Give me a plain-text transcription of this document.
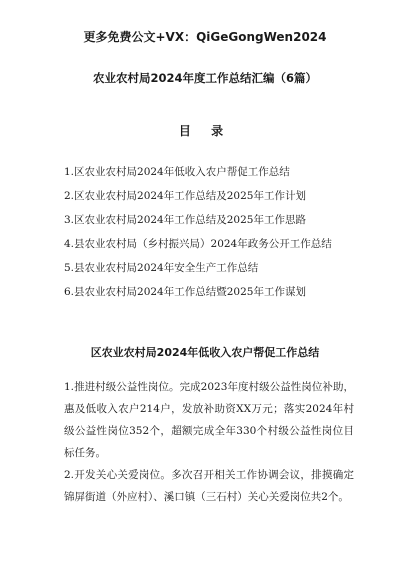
更多免费公文+VX：QiGeGongWen2024
农业农村局2024年度工作总结汇编（6篇）
目 录
1.区农业农村局2024年低收入农户帮促工作总结
2.区农业农村局2024年工作总结及2025年工作计划
3.区农业农村局2024年工作总结及2025年工作思路
4.县农业农村局（乡村振兴局）2024年政务公开工作总结
5.县农业农村局2024年安全生产工作总结
6.县农业农村局2024年工作总结暨2025年工作谋划
区农业农村局2024年低收入农户帮促工作总结
1.推进村级公益性岗位。完成2023年度村级公益性岗位补助，惠及低收入农户214户，发放补助资XX万元；落实2024年村级公益性岗位352个，超额完成全年330个村级公益性岗位目标任务。
2.开发关心关爱岗位。多次召开相关工作协调会议，排摸确定锦屏街道（外应村）、溪口镇（三石村）关心关爱岗位共2个。
